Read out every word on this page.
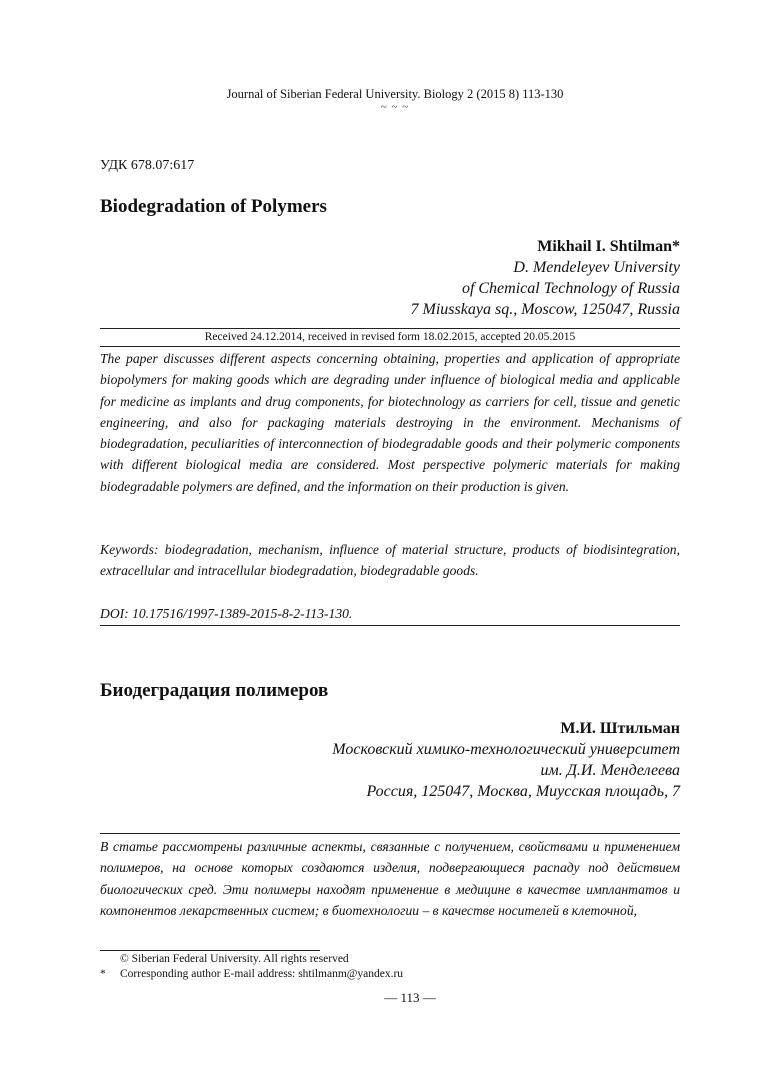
Journal of Siberian Federal University. Biology 2 (2015 8) 113-130
~ ~ ~
УДК 678.07:617
Biodegradation of Polymers
Mikhail I. Shtilman*
D. Mendeleyev University
of Chemical Technology of Russia
7 Miusskaya sq., Moscow, 125047, Russia
Received 24.12.2014, received in revised form 18.02.2015, accepted 20.05.2015

The paper discusses different aspects concerning obtaining, properties and application of appropriate biopolymers for making goods which are degrading under influence of biological media and applicable for medicine as implants and drug components, for biotechnology as carriers for cell, tissue and genetic engineering, and also for packaging materials destroying in the environment. Mechanisms of biodegradation, peculiarities of interconnection of biodegradable goods and their polymeric components with different biological media are considered. Most perspective polymeric materials for making biodegradable polymers are defined, and the information on their production is given.

Keywords: biodegradation, mechanism, influence of material structure, products of biodisintegration, extracellular and intracellular biodegradation, biodegradable goods.

DOI: 10.17516/1997-1389-2015-8-2-113-130.

Биодеградация полимеров
М.И. Штильман
Московский химико-технологический университет
им. Д.И. Менделеева
Россия, 125047, Москва, Миусская площадь, 7

В статье рассмотрены различные аспекты, связанные с получением, свойствами и применением полимеров, на основе которых создаются изделия, подвергающиеся распаду под действием биологических сред. Эти полимеры находят применение в медицине в качестве имплантатов и компонентов лекарственных систем; в биотехнологии – в качестве носителей в клеточной,

© Siberian Federal University. All rights reserved
* Corresponding author E-mail address: shtilmanm@yandex.ru
— 113 —
